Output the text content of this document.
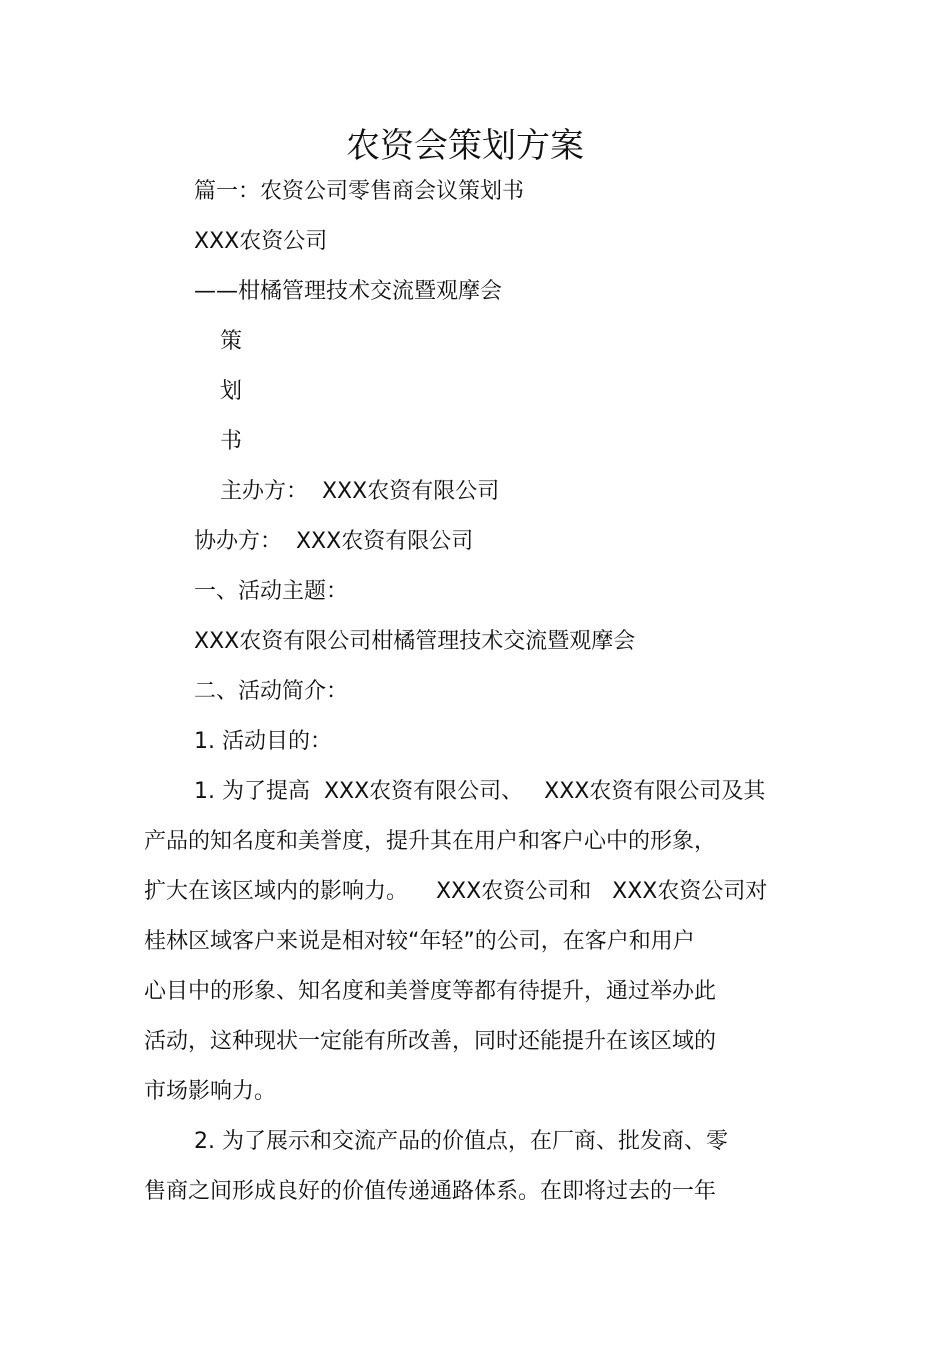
农资会策划方案
篇一：农资公司零售商会议策划书
XXX农资公司
——柑橘管理技术交流暨观摩会
策
划
书
主办方：  XXX农资有限公司
协办方：  XXX农资有限公司
一、活动主题：
XXX农资有限公司柑橘管理技术交流暨观摩会
二、活动简介：
1. 活动目的：
1. 为了提高  XXX农资有限公司、   XXX农资有限公司及其
产品的知名度和美誉度，提升其在用户和客户心中的形象，
扩大在该区域内的影响力。    XXX农资公司和   XXX农资公司对
桂林区域客户来说是相对较“年轻”的公司，在客户和用户
心目中的形象、知名度和美誉度等都有待提升，通过举办此
活动，这种现状一定能有所改善，同时还能提升在该区域的
市场影响力。
2. 为了展示和交流产品的价值点，在厂商、批发商、零
售商之间形成良好的价值传递通路体系。在即将过去的一年
